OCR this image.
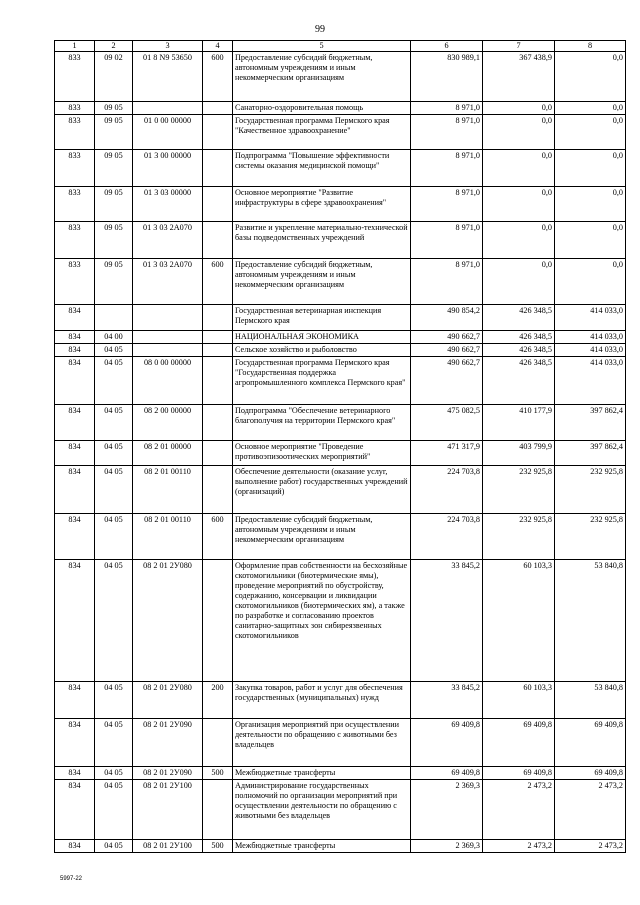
99
1	2	3	4	5	6	7	8
833	09 02	01 8 N9 53650	600	Предоставление субсидий бюджетным, автономным учреждениям и иным некоммерческим организациям	830 989,1	367 438,9	0,0
833	09 05			Санаторно-оздоровительная помощь	8 971,0	0,0	0,0
833	09 05	01 0 00 00000		Государственная программа Пермского края "Качественное здравоохранение"	8 971,0	0,0	0,0
833	09 05	01 3 00 00000		Подпрограмма "Повышение эффективности системы оказания медицинской помощи"	8 971,0	0,0	0,0
833	09 05	01 3 03 00000		Основное мероприятие "Развитие инфраструктуры в сфере здравоохранения"	8 971,0	0,0	0,0
833	09 05	01 3 03 2А070		Развитие и укрепление материально-технической базы подведомственных учреждений	8 971,0	0,0	0,0
833	09 05	01 3 03 2А070	600	Предоставление субсидий бюджетным, автономным учреждениям и иным некоммерческим организациям	8 971,0	0,0	0,0
834				Государственная ветеринарная инспекция Пермского края	490 854,2	426 348,5	414 033,0
834	04 00			НАЦИОНАЛЬНАЯ ЭКОНОМИКА	490 662,7	426 348,5	414 033,0
834	04 05			Сельское хозяйство и рыболовство	490 662,7	426 348,5	414 033,0
834	04 05	08 0 00 00000		Государственная программа Пермского края "Государственная поддержка агропромышленного комплекса Пермского края"	490 662,7	426 348,5	414 033,0
834	04 05	08 2 00 00000		Подпрограмма "Обеспечение ветеринарного благополучия на территории Пермского края"	475 082,5	410 177,9	397 862,4
834	04 05	08 2 01 00000		Основное мероприятие "Проведение противоэпизоотических мероприятий"	471 317,9	403 799,9	397 862,4
834	04 05	08 2 01 00110		Обеспечение деятельности (оказание услуг, выполнение работ) государственных учреждений (организаций)	224 703,8	232 925,8	232 925,8
834	04 05	08 2 01 00110	600	Предоставление субсидий бюджетным, автономным учреждениям и иным некоммерческим организациям	224 703,8	232 925,8	232 925,8
834	04 05	08 2 01 2У080		Оформление прав собственности на бесхозяйные скотомогильники (биотермические ямы), проведение мероприятий по обустройству, содержанию, консервации и ликвидации скотомогильников (биотермических ям), а также по разработке и согласованию проектов санитарно-защитных зон сибиреязвенных скотомогильников	33 845,2	60 103,3	53 840,8
834	04 05	08 2 01 2У080	200	Закупка товаров, работ и услуг для обеспечения государственных (муниципальных) нужд	33 845,2	60 103,3	53 840,8
834	04 05	08 2 01 2У090		Организация мероприятий при осуществлении деятельности по обращению с животными без владельцев	69 409,8	69 409,8	69 409,8
834	04 05	08 2 01 2У090	500	Межбюджетные трансферты	69 409,8	69 409,8	69 409,8
834	04 05	08 2 01 2У100		Администрирование государственных полномочий по организации мероприятий при осуществлении деятельности по обращению с животными без владельцев	2 369,3	2 473,2	2 473,2
834	04 05	08 2 01 2У100	500	Межбюджетные трансферты	2 369,3	2 473,2	2 473,2
5997-22
